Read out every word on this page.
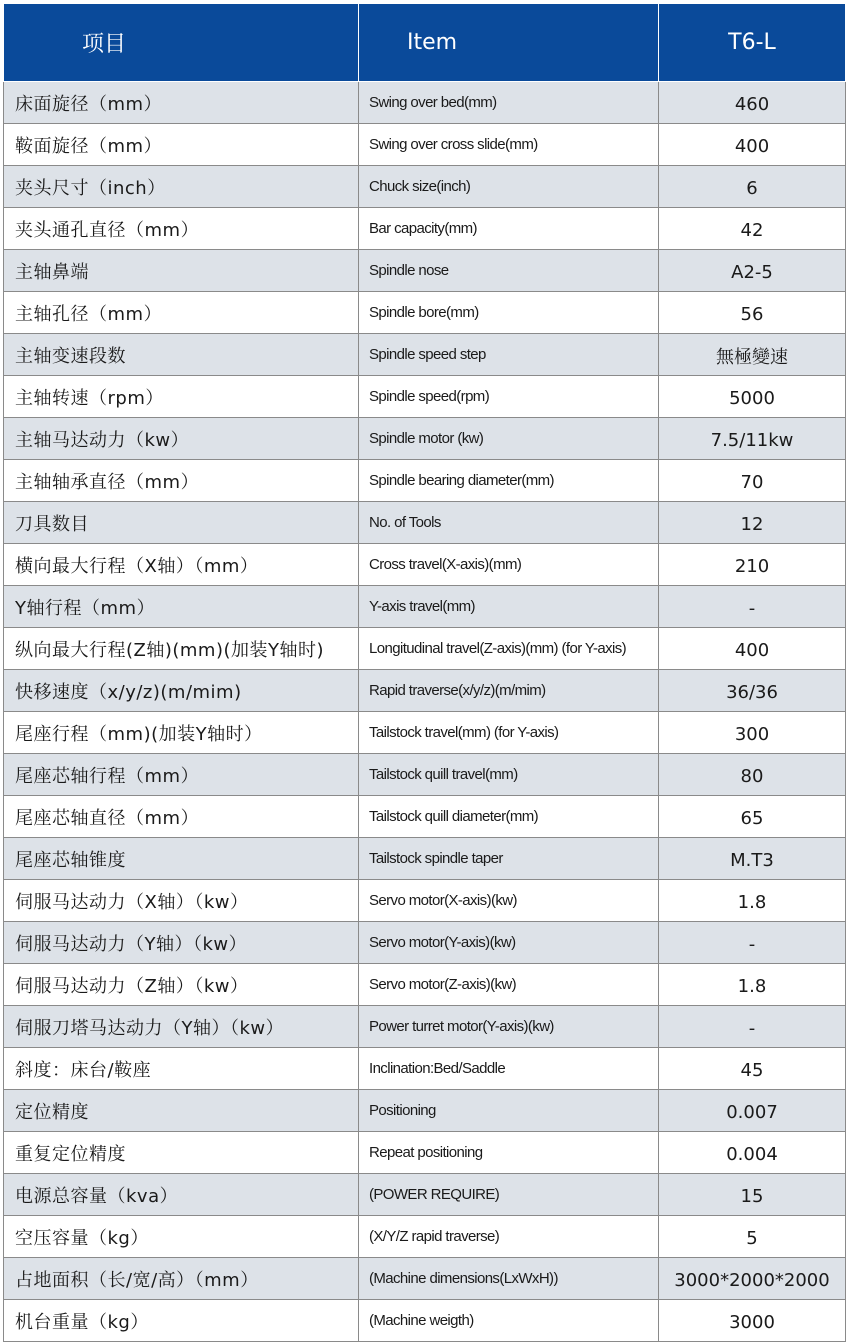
项目	Item	T6-L
床面旋径（mm）	Swing over bed(mm)	460
鞍面旋径（mm）	Swing over cross slide(mm)	400
夹头尺寸（inch）	Chuck size(inch)	6
夹头通孔直径（mm）	Bar capacity(mm)	42
主轴鼻端	Spindle nose	A2-5
主轴孔径（mm）	Spindle bore(mm)	56
主轴变速段数	Spindle speed step	無極變速
主轴转速（rpm）	Spindle speed(rpm)	5000
主轴马达动力（kw）	Spindle motor (kw)	7.5/11kw
主轴轴承直径（mm）	Spindle bearing diameter(mm)	70
刀具数目	No. of Tools	12
横向最大行程（X轴）（mm）	Cross travel(X-axis)(mm)	210
Y轴行程（mm）	Y-axis travel(mm)	-
纵向最大行程(Z轴)(mm)(加装Y轴时)	Longitudinal travel(Z-axis)(mm) (for Y-axis)	400
快移速度（x/y/z)(m/mim)	Rapid traverse(x/y/z)(m/mim)	36/36
尾座行程（mm)(加装Y轴时）	Tailstock travel(mm) (for Y-axis)	300
尾座芯轴行程（mm）	Tailstock quill travel(mm)	80
尾座芯轴直径（mm）	Tailstock quill diameter(mm)	65
尾座芯轴锥度	Tailstock spindle taper	M.T3
伺服马达动力（X轴）（kw）	Servo motor(X-axis)(kw)	1.8
伺服马达动力（Y轴）（kw）	Servo motor(Y-axis)(kw)	-
伺服马达动力（Z轴）（kw）	Servo motor(Z-axis)(kw)	1.8
伺服刀塔马达动力（Y轴）（kw）	Power turret motor(Y-axis)(kw)	-
斜度：床台/鞍座	Inclination:Bed/Saddle	45
定位精度	Positioning	0.007
重复定位精度	Repeat positioning	0.004
电源总容量（kva）	(POWER REQUIRE)	15
空压容量（kg）	(X/Y/Z rapid traverse)	5
占地面积（长/宽/高）（mm）	(Machine dimensions(LxWxH))	3000*2000*2000
机台重量（kg）	(Machine weigth)	3000
